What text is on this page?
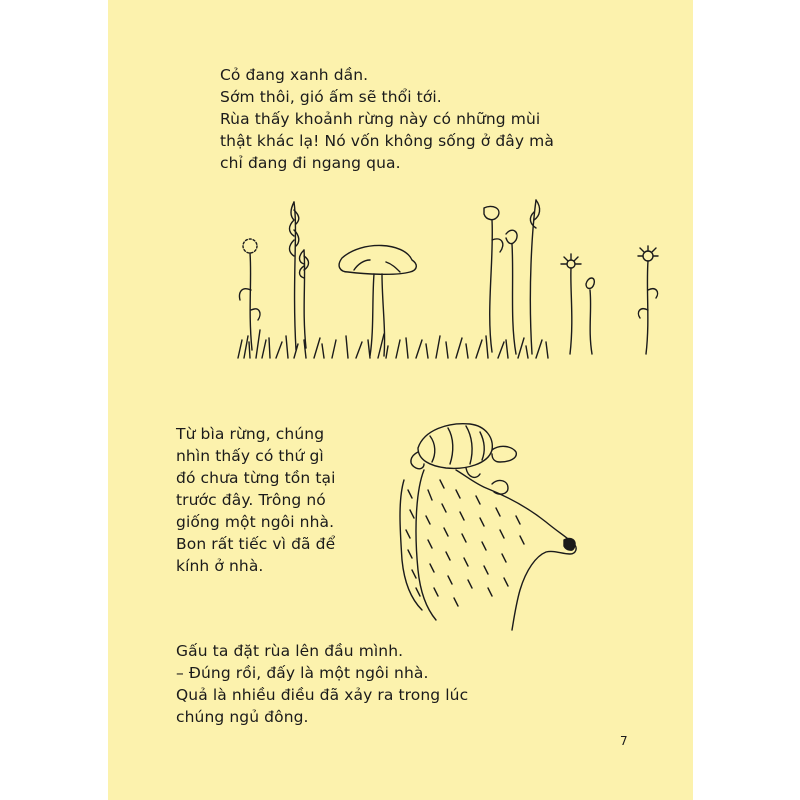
Cỏ đang xanh dần.
Sớm thôi, gió ấm sẽ thổi tới.
Rùa thấy khoảnh rừng này có những mùi
thật khác lạ! Nó vốn không sống ở đây mà
chỉ đang đi ngang qua.
Từ bìa rừng, chúng
nhìn thấy có thứ gì
đó chưa từng tồn tại
trước đây. Trông nó
giống một ngôi nhà.
Bon rất tiếc vì đã để
kính ở nhà.
Gấu ta đặt rùa lên đầu mình.
– Đúng rồi, đấy là một ngôi nhà.
Quả là nhiều điều đã xảy ra trong lúc
chúng ngủ đông.
7
